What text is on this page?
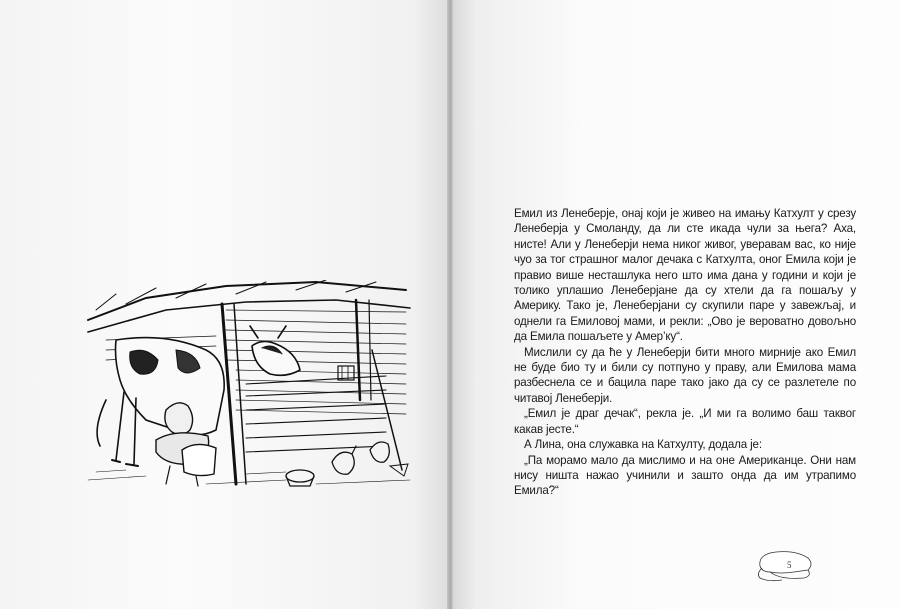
Емил из Ленеберје, онај који је живео на имању Катхулт у срезу Ленеберја у Смоланду, да ли сте икада чули за њега? Аха, нисте! Али у Ленеберји нема никог живог, уверавам вас, ко није чуо за тог страшног малог дечака с Катхулта, оног Емила који је правио више несташлука него што има дана у години и који је толико уплашио Ленеберјане да су хтели да га пошаљу у Америку. Тако је, Ленеберјани су скупили паре у завежљај, и однели га Емиловој мами, и рекли: „Ово је вероватно довољно да Емила пошаљете у Амер’ку“.

Мислили су да ће у Ленеберји бити много мирније ако Емил не буде био ту и били су потпуно у праву, али Емилова мама разбеснела се и бацила паре тако јако да су се разлетеле по читавој Ленеберји.

„Емил је драг дечак“, рекла је. „И ми га волимо баш таквог какав јесте.“

А Лина, она служавка на Катхулту, додала је:

„Па морамо мало да мислимо и на оне Американце. Они нам нису ништа нажао учинили и зашто онда да им утрапимо Емила?“

5
